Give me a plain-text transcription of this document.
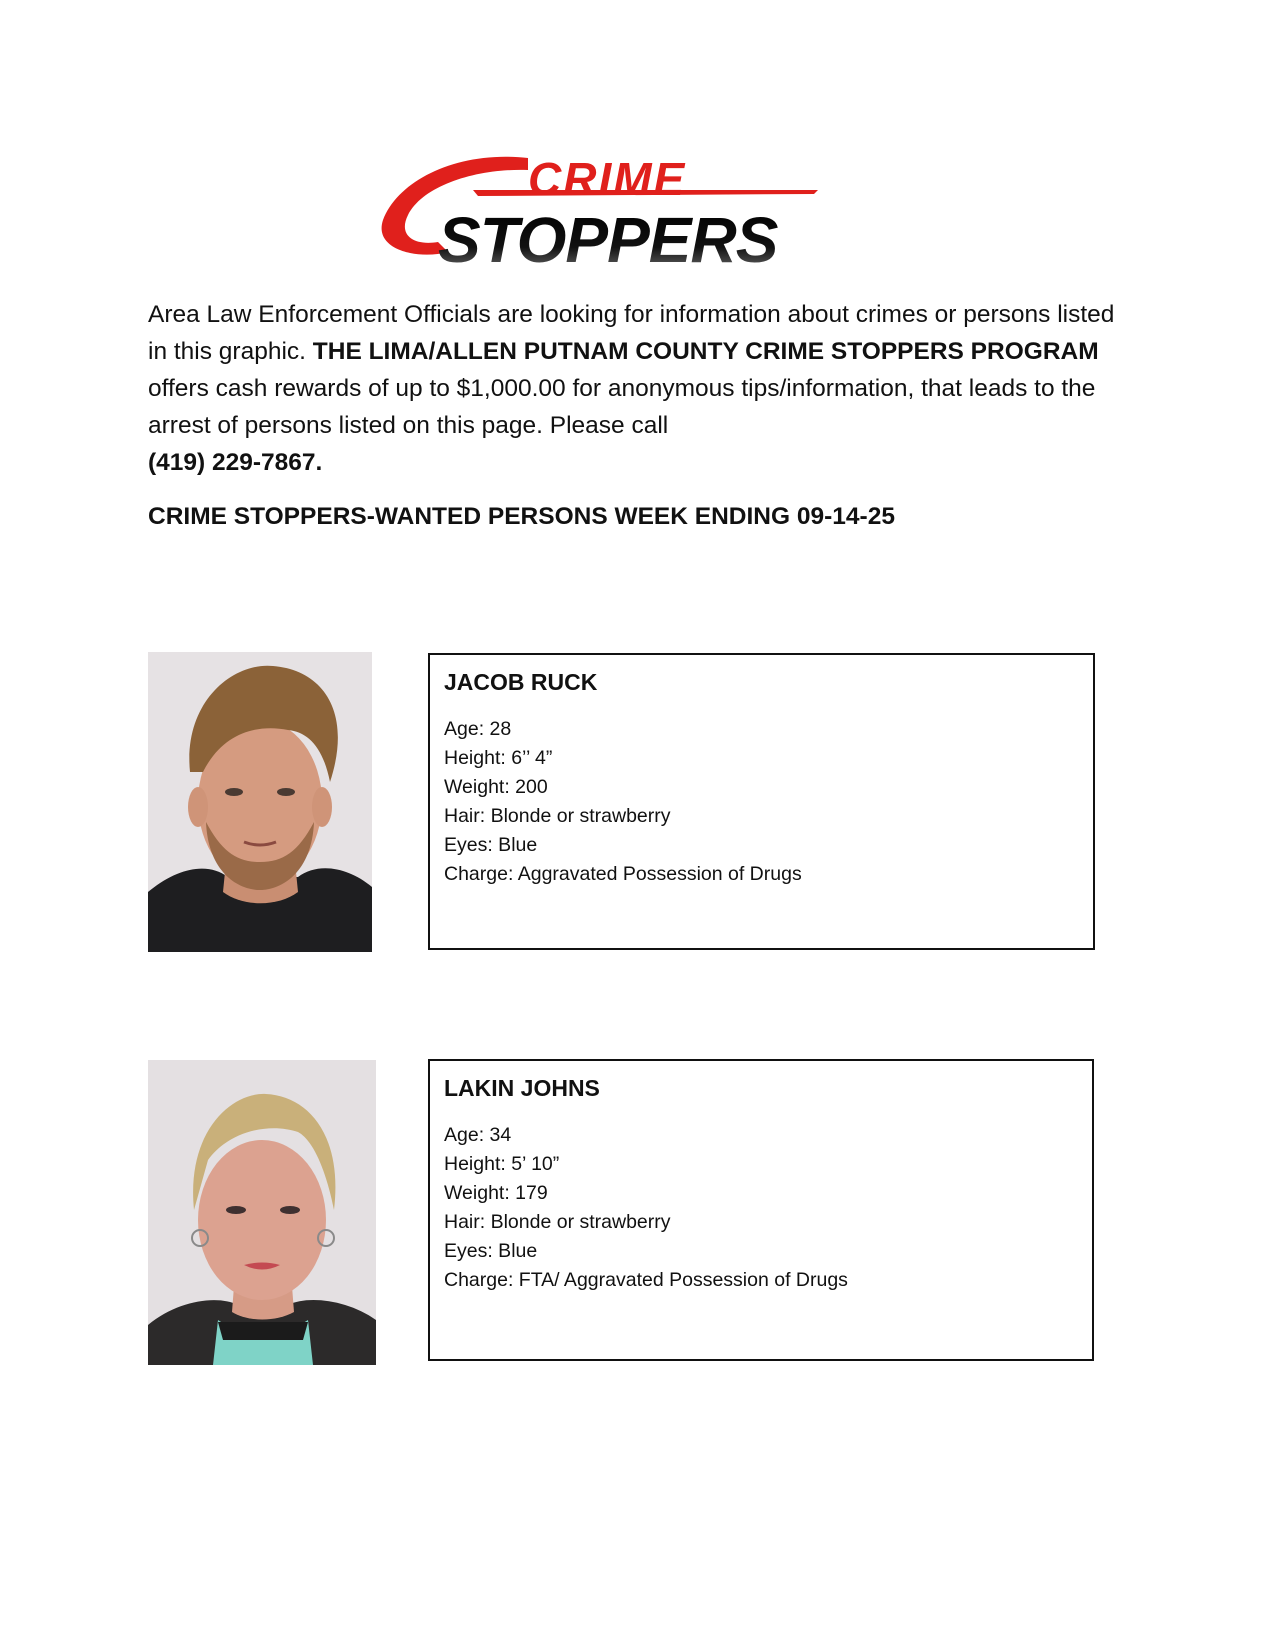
CRIME
STOPPERS
Area Law Enforcement Officials are looking for information about crimes or persons listed in this graphic. THE LIMA/ALLEN PUTNAM COUNTY CRIME STOPPERS PROGRAM offers cash rewards of up to $1,000.00 for anonymous tips/information, that leads to the arrest of persons listed on this page. Please call
(419) 229-7867.
CRIME STOPPERS-WANTED PERSONS WEEK ENDING 09-14-25
JACOB RUCK
Age: 28
Height: 6’’ 4”
Weight: 200
Hair: Blonde or strawberry
Eyes: Blue
Charge: Aggravated Possession of Drugs
LAKIN JOHNS
Age: 34
Height: 5’ 10”
Weight: 179
Hair: Blonde or strawberry
Eyes: Blue
Charge: FTA/ Aggravated Possession of Drugs
